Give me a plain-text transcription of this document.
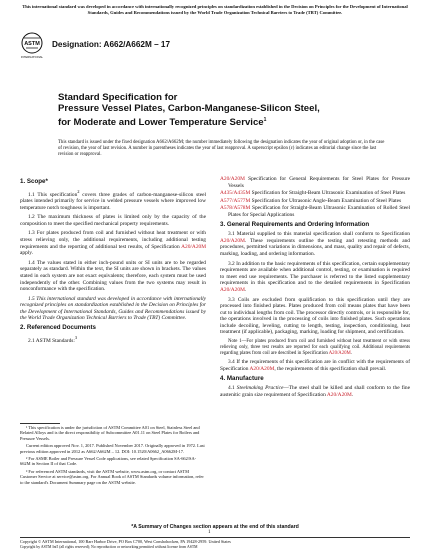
This international standard was developed in accordance with internationally recognized principles on standardization established in the Decision on Principles for the Development of International Standards, Guides and Recommendations issued by the World Trade Organization Technical Barriers to Trade (TBT) Committee.
ASTM
INTERNATIONAL
Designation: A662/A662M – 17
Standard Specification for
Pressure Vessel Plates, Carbon-Manganese-Silicon Steel,
for Moderate and Lower Temperature Service$^1$
This standard is issued under the fixed designation A662/A662M; the number immediately following the designation indicates the year of original adoption or, in the case of revision, the year of last revision. A number in parentheses indicates the year of last reapproval. A superscript epsilon (ε) indicates an editorial change since the last revision or reapproval.
1. Scope*

1.1 This specification$^2$ covers three grades of carbon-manganese-silicon steel plates intended primarily for service in welded pressure vessels where improved low temperature notch toughness is important.

1.2 The maximum thickness of plates is limited only by the capacity of the composition to meet the specified mechanical property requirements.

1.3 For plates produced from coil and furnished without heat treatment or with stress relieving only, the additional requirements, including additional testing requirements and the reporting of additional test results, of Specification A20/A20M apply.

1.4 The values stated in either inch-pound units or SI units are to be regarded separately as standard. Within the text, the SI units are shown in brackets. The values stated in each system are not exact equivalents; therefore, each system must be used independently of the other. Combining values from the two systems may result in nonconformance with the specification.

1.5 This international standard was developed in accordance with internationally recognized principles on standardization established in the Decision on Principles for the Development of International Standards, Guides and Recommendations issued by the World Trade Organization Technical Barriers to Trade (TBT) Committee.

2. Referenced Documents

2.1 ASTM Standards:$^3$

¹ This specification is under the jurisdiction of ASTM Committee A01 on Steel, Stainless Steel and Related Alloys and is the direct responsibility of Subcommittee A01.11 on Steel Plates for Boilers and Pressure Vessels.

Current edition approved Nov. 1, 2017. Published November 2017. Originally approved in 1972. Last previous edition approved in 2012 as A662/A662M – 12. DOI: 10.1520/A0662_A0662M-17.

² For ASME Boiler and Pressure Vessel Code applications, see related Specification SA-662/SA-662M in Section II of that Code.

³ For referenced ASTM standards, visit the ASTM website, www.astm.org, or contact ASTM Customer Service at service@astm.org. For Annual Book of ASTM Standards volume information, refer to the standard's Document Summary page on the ASTM website.

A20/A20M Specification for General Requirements for Steel Plates for Pressure Vessels
A435/A435M Specification for Straight-Beam Ultrasonic Examination of Steel Plates
A577/A577M Specification for Ultrasonic Angle-Beam Examination of Steel Plates
A578/A578M Specification for Straight-Beam Ultrasonic Examination of Rolled Steel Plates for Special Applications
3. General Requirements and Ordering Information

3.1 Material supplied to this material specification shall conform to Specification A20/A20M. These requirements outline the testing and retesting methods and procedures, permitted variations in dimensions, and mass, quality and repair of defects, marking, loading, and ordering information.

3.2 In addition to the basic requirements of this specification, certain supplementary requirements are available when additional control, testing, or examination is required to meet end use requirements. The purchaser is referred to the listed supplementary requirements in this specification and to the detailed requirements in Specification A20/A20M.

3.3 Coils are excluded from qualification to this specification until they are processed into finished plates. Plates produced from coil means plates that have been cut to individual lengths from coil. The processor directly controls, or is responsible for, the operations involved in the processing of coils into finished plates. Such operations include decoiling, leveling, cutting to length, testing, inspection, conditioning, heat treatment (if applicable), packaging, marking, loading for shipment, and certification.

Note 1—For plates produced from coil and furnished without heat treatment or with stress relieving only, three test results are reported for each qualifying coil. Additional requirements regarding plates from coil are described in Specification A20/A20M.

3.4 If the requirements of this specification are in conflict with the requirements of Specification A20/A20M, the requirements of this specification shall prevail.

4. Manufacture

4.1 Steelmaking Practice—The steel shall be killed and shall conform to the fine austenitic grain size requirement of Specification A20/A20M.

*A Summary of Changes section appears at the end of this standard
1
Copyright © ASTM International, 100 Barr Harbor Drive, PO Box C700, West Conshohocken, PA 19428-2959. United States
Copyright by ASTM Int'l (all rights reserved); No reproduction or networking permitted without license from ASTM
